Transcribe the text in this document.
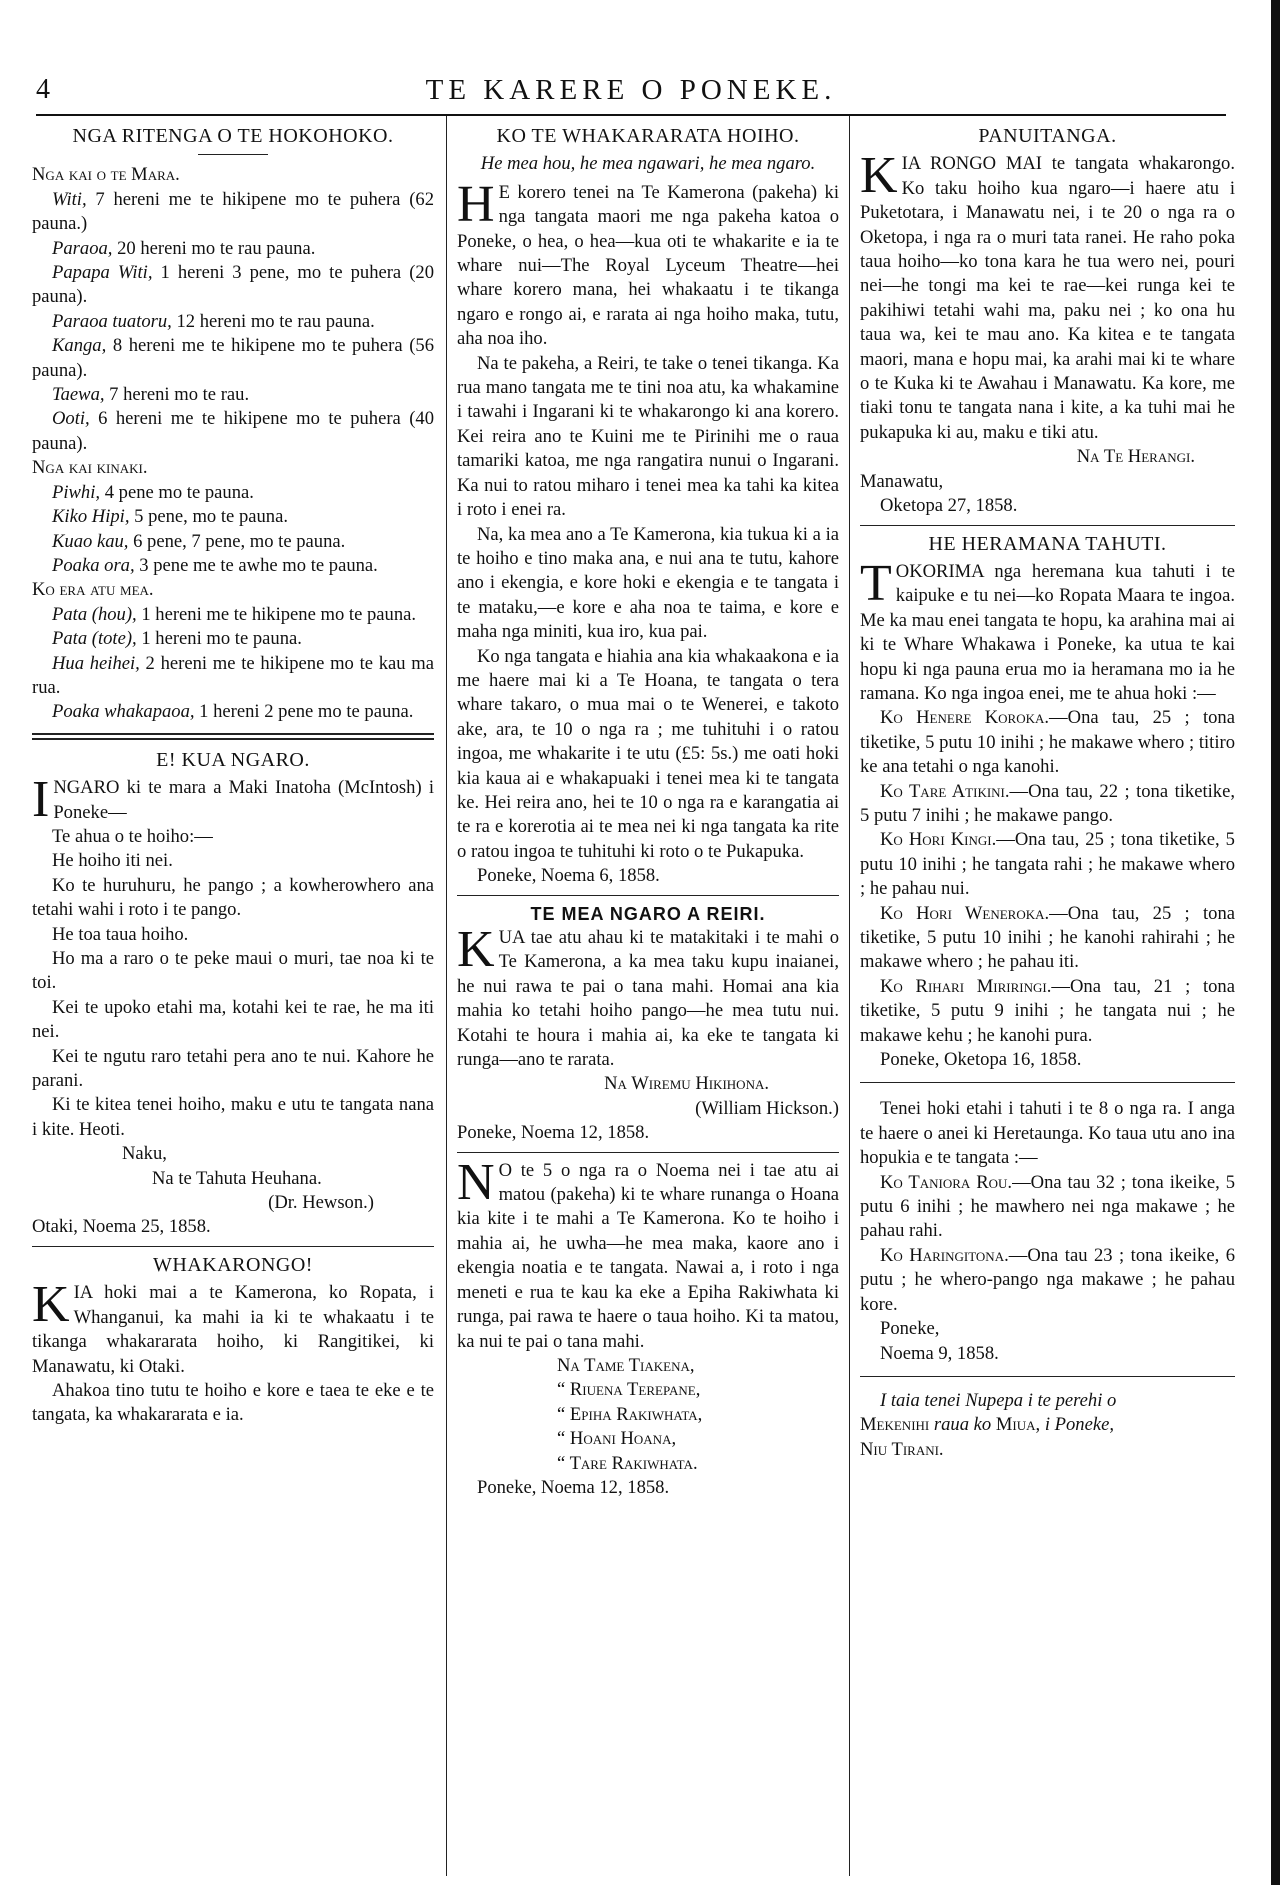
4	TE KARERE O PONEKE.
NGA RITENGA O TE HOKOHOKO.

Nga kai o te Mara.

Witi, 7 hereni me te hikipene mo te puhera (62 pauna.)

Paraoa, 20 hereni mo te rau pauna.

Papapa Witi, 1 hereni 3 pene, mo te puhera (20 pauna).

Paraoa tuatoru, 12 hereni mo te rau pauna.

Kanga, 8 hereni me te hikipene mo te puhera (56 pauna).

Taewa, 7 hereni mo te rau.

Ooti, 6 hereni me te hikipene mo te puhera (40 pauna).

Nga kai kinaki.

Piwhi, 4 pene mo te pauna.

Kiko Hipi, 5 pene, mo te pauna.

Kuao kau, 6 pene, 7 pene, mo te pauna.

Poaka ora, 3 pene me te awhe mo te pauna.

Ko era atu mea.

Pata (hou), 1 hereni me te hikipene mo te pauna.

Pata (tote), 1 hereni mo te pauna.

Hua heihei, 2 hereni me te hikipene mo te kau ma rua.

Poaka whakapaoa, 1 hereni 2 pene mo te pauna.

E! KUA NGARO.

INGARO ki te mara a Maki Inatoha (McIntosh) i Poneke—

Te ahua o te hoiho:—

He hoiho iti nei.

Ko te huruhuru, he pango ; a kowherowhero ana tetahi wahi i roto i te pango.

He toa taua hoiho.

Ho ma a raro o te peke maui o muri, tae noa ki te toi.

Kei te upoko etahi ma, kotahi kei te rae, he ma iti nei.

Kei te ngutu raro tetahi pera ano te nui. Kahore he parani.

Ki te kitea tenei hoiho, maku e utu te tangata nana i kite. Heoti.

Naku,

Na te Tahuta Heuhana.

(Dr. Hewson.)

Otaki, Noema 25, 1858.

WHAKARONGO!

KIA hoki mai a te Kamerona, ko Ropata, i Whanganui, ka mahi ia ki te whakaatu i te tikanga whakararata hoiho, ki Rangitikei, ki Manawatu, ki Otaki.

Ahakoa tino tutu te hoiho e kore e taea te eke e te tangata, ka whakararata e ia.

KO TE WHAKARARATA HOIHO.

He mea hou, he mea ngawari, he mea ngaro.

H E korero tenei na Te Kamerona (pakeha) ki nga tangata maori me nga pakeha katoa o Poneke, o hea, o hea—kua oti te whakarite e ia te whare nui—The Royal Lyceum Theatre—hei whare korero mana, hei whakaatu i te tikanga ngaro e rongo ai, e rarata ai nga hoiho maka, tutu, aha noa iho.

Na te pakeha, a Reiri, te take o tenei tikanga. Ka rua mano tangata me te tini noa atu, ka whakamine i tawahi i Ingarani ki te whakarongo ki ana korero. Kei reira ano te Kuini me te Pirinihi me o raua tamariki katoa, me nga rangatira nunui o Ingarani. Ka nui to ratou miharo i tenei mea ka tahi ka kitea i roto i enei ra.

Na, ka mea ano a Te Kamerona, kia tukua ki a ia te hoiho e tino maka ana, e nui ana te tutu, kahore ano i ekengia, e kore hoki e ekengia e te tangata i te mataku,—e kore e aha noa te taima, e kore e maha nga miniti, kua iro, kua pai.

Ko nga tangata e hiahia ana kia whakaakona e ia me haere mai ki a Te Hoana, te tangata o tera whare takaro, o mua mai o te Wenerei, e takoto ake, ara, te 10 o nga ra ; me tuhituhi i o ratou ingoa, me whakarite i te utu (£5: 5s.) me oati hoki kia kaua ai e whakapuaki i tenei mea ki te tangata ke. Hei reira ano, hei te 10 o nga ra e karangatia ai te ra e korerotia ai te mea nei ki nga tangata ka rite o ratou ingoa te tuhituhi ki roto o te Pukapuka.

Poneke, Noema 6, 1858.

TE MEA NGARO A REIRI.

KUA tae atu ahau ki te matakitaki i te mahi o Te Kamerona, a ka mea taku kupu inaianei, he nui rawa te pai o tana mahi. Homai ana kia mahia ko tetahi hoiho pango—he mea tutu nui. Kotahi te houra i mahia ai, ka eke te tangata ki runga—ano te rarata.

Na Wiremu Hikihona.

(William Hickson.)

Poneke, Noema 12, 1858.

N O te 5 o nga ra o Noema nei i tae atu ai matou (pakeha) ki te whare runanga o Hoana kia kite i te mahi a Te Kamerona. Ko te hoiho i mahia ai, he uwha—he mea maka, kaore ano i ekengia noatia e te tangata. Nawai a, i roto i nga meneti e rua te kau ka eke a Epiha Rakiwhata ki runga, pai rawa te haere o taua hoiho. Ki ta matou, ka nui te pai o tana mahi.

Na Tame Tiakena,

“ Riuena Terepane,

“ Epiha Rakiwhata,

“ Hoani Hoana,

“ Tare Rakiwhata.

Poneke, Noema 12, 1858.

PANUITANGA.

KIA RONGO MAI te tangata whakarongo. Ko taku hoiho kua ngaro—i haere atu i Puketotara, i Manawatu nei, i te 20 o nga ra o Oketopa, i nga ra o muri tata ranei. He raho poka taua hoiho—ko tona kara he tua wero nei, pouri nei—he tongi ma kei te rae—kei runga kei te pakihiwi tetahi wahi ma, paku nei ; ko ona hu taua wa, kei te mau ano. Ka kitea e te tangata maori, mana e hopu mai, ka arahi mai ki te whare o te Kuka ki te Awahau i Manawatu. Ka kore, me tiaki tonu te tangata nana i kite, a ka tuhi mai he pukapuka ki au, maku e tiki atu.

Na Te Herangi.

Manawatu,

Oketopa 27, 1858.

HE HERAMANA TAHUTI.

TOKORIMA nga heremana kua tahuti i te kaipuke e tu nei—ko Ropata Maara te ingoa. Me ka mau enei tangata te hopu, ka arahina mai ai ki te Whare Whakawa i Poneke, ka utua te kai hopu ki nga pauna erua mo ia heramana mo ia he ramana. Ko nga ingoa enei, me te ahua hoki :—

Ko Henere Koroka.—Ona tau, 25 ; tona tiketike, 5 putu 10 inihi ; he makawe whero ; titiro ke ana tetahi o nga kanohi.

Ko Tare Atikini.—Ona tau, 22 ; tona tiketike, 5 putu 7 inihi ; he makawe pango.

Ko Hori Kingi.—Ona tau, 25 ; tona tiketike, 5 putu 10 inihi ; he tangata rahi ; he makawe whero ; he pahau nui.

Ko Hori Weneroka.—Ona tau, 25 ; tona tiketike, 5 putu 10 inihi ; he kanohi rahirahi ; he makawe whero ; he pahau iti.

Ko Rihari Miriringi.—Ona tau, 21 ; tona tiketike, 5 putu 9 inihi ; he tangata nui ; he makawe kehu ; he kanohi pura.

Poneke, Oketopa 16, 1858.

Tenei hoki etahi i tahuti i te 8 o nga ra. I anga te haere o anei ki Heretaunga. Ko taua utu ano ina hopukia e te tangata :—

Ko Taniora Rou.—Ona tau 32 ; tona ikeike, 5 putu 6 inihi ; he mawhero nei nga makawe ; he pahau rahi.

Ko Haringitona.—Ona tau 23 ; tona ikeike, 6 putu ; he whero-pango nga makawe ; he pahau kore.

Poneke,

Noema 9, 1858.

I taia tenei Nupepa i te perehi o

Mekenihi raua ko Miua, i Poneke,

Niu Tirani.
